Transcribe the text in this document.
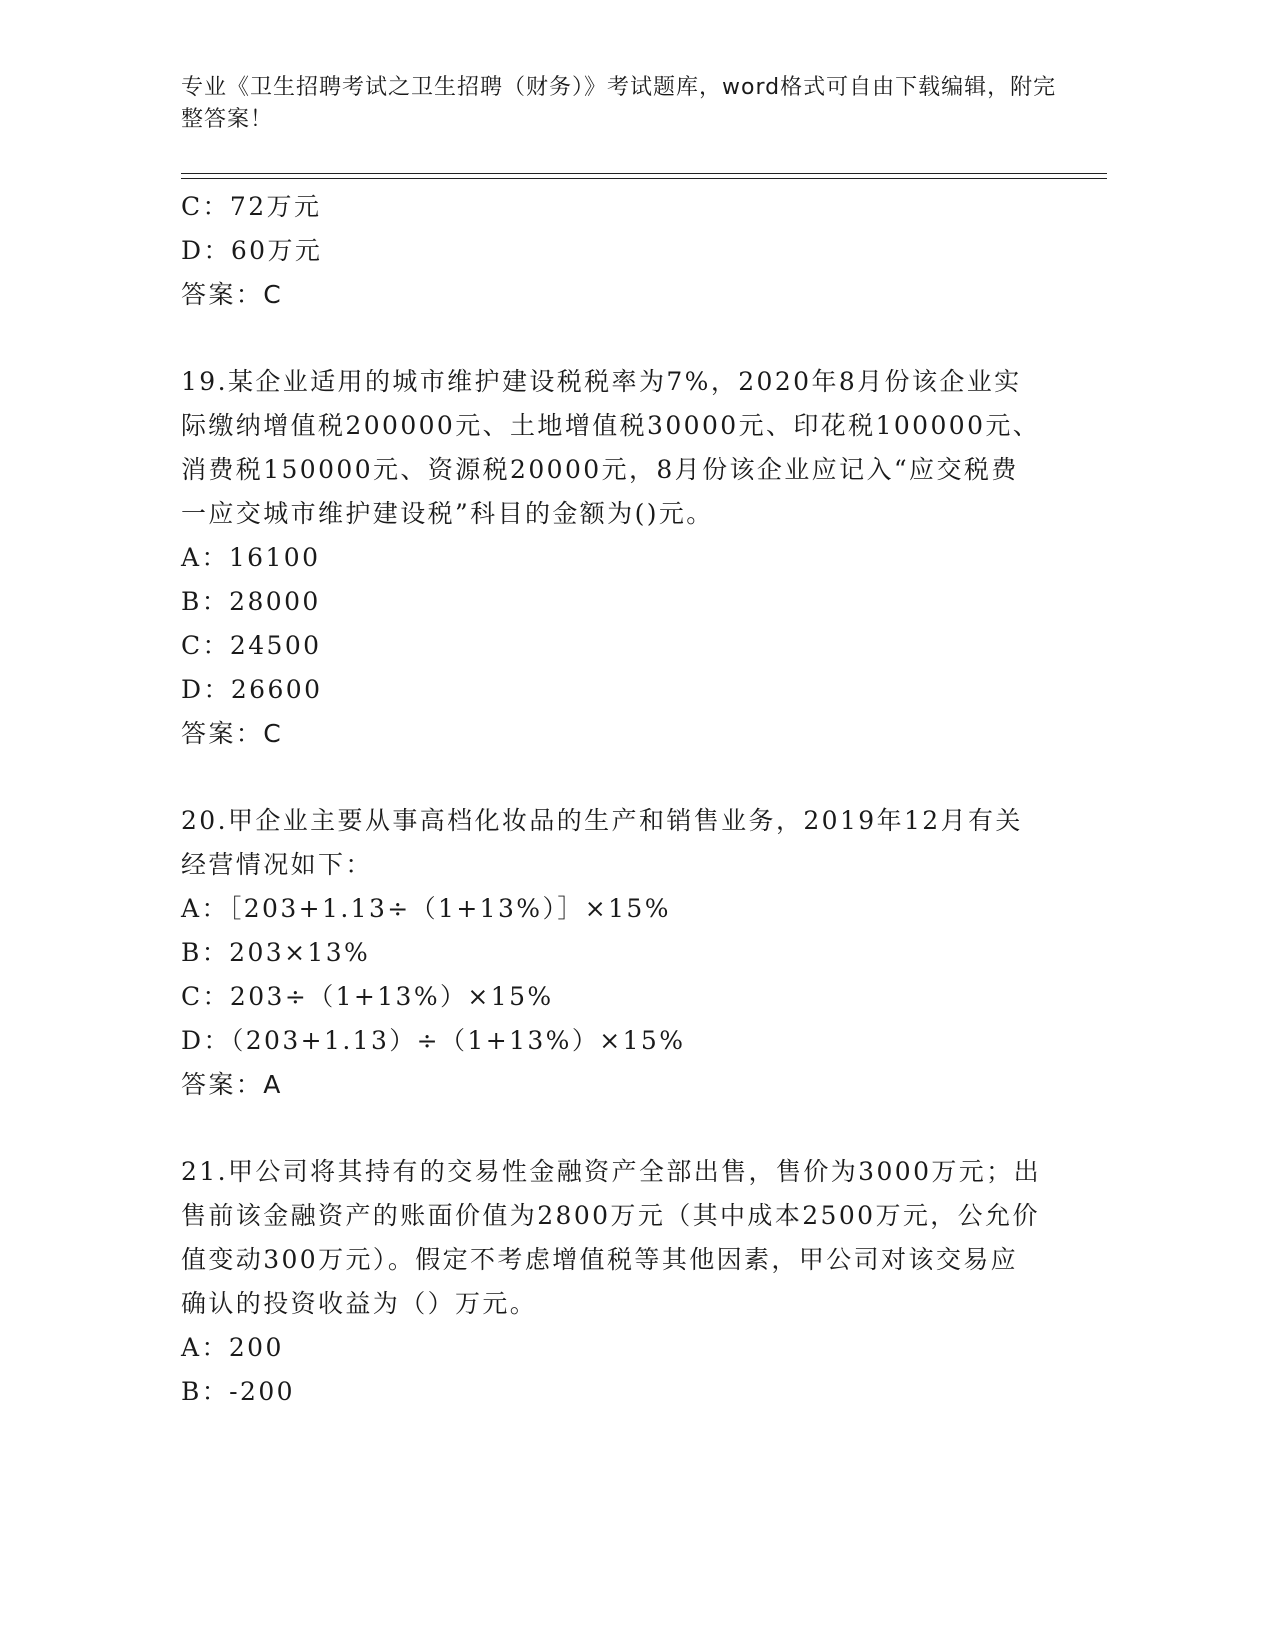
专业《卫生招聘考试之卫生招聘（财务）》考试题库，word格式可自由下载编辑，附完整答案！

C：72万元

D：60万元

答案：C

19.某企业适用的城市维护建设税税率为7%，2020年8月份该企业实际缴纳增值税200000元、土地增值税30000元、印花税100000元、消费税150000元、资源税20000元，8月份该企业应记入“应交税费一应交城市维护建设税”科目的金额为()元。

A：16100

B：28000

C：24500

D：26600

答案：C

20.甲企业主要从事高档化妆品的生产和销售业务，2019年12月有关经营情况如下：

A：［203+1.13÷（1+13%）］×15%

B：203×13%

C：203÷（1+13%）×15%

D：（203+1.13）÷（1+13%）×15%

答案：A

21.甲公司将其持有的交易性金融资产全部出售，售价为3000万元；出售前该金融资产的账面价值为2800万元（其中成本2500万元，公允价值变动300万元）。假定不考虑增值税等其他因素，甲公司对该交易应确认的投资收益为（）万元。

A：200

B：-200
